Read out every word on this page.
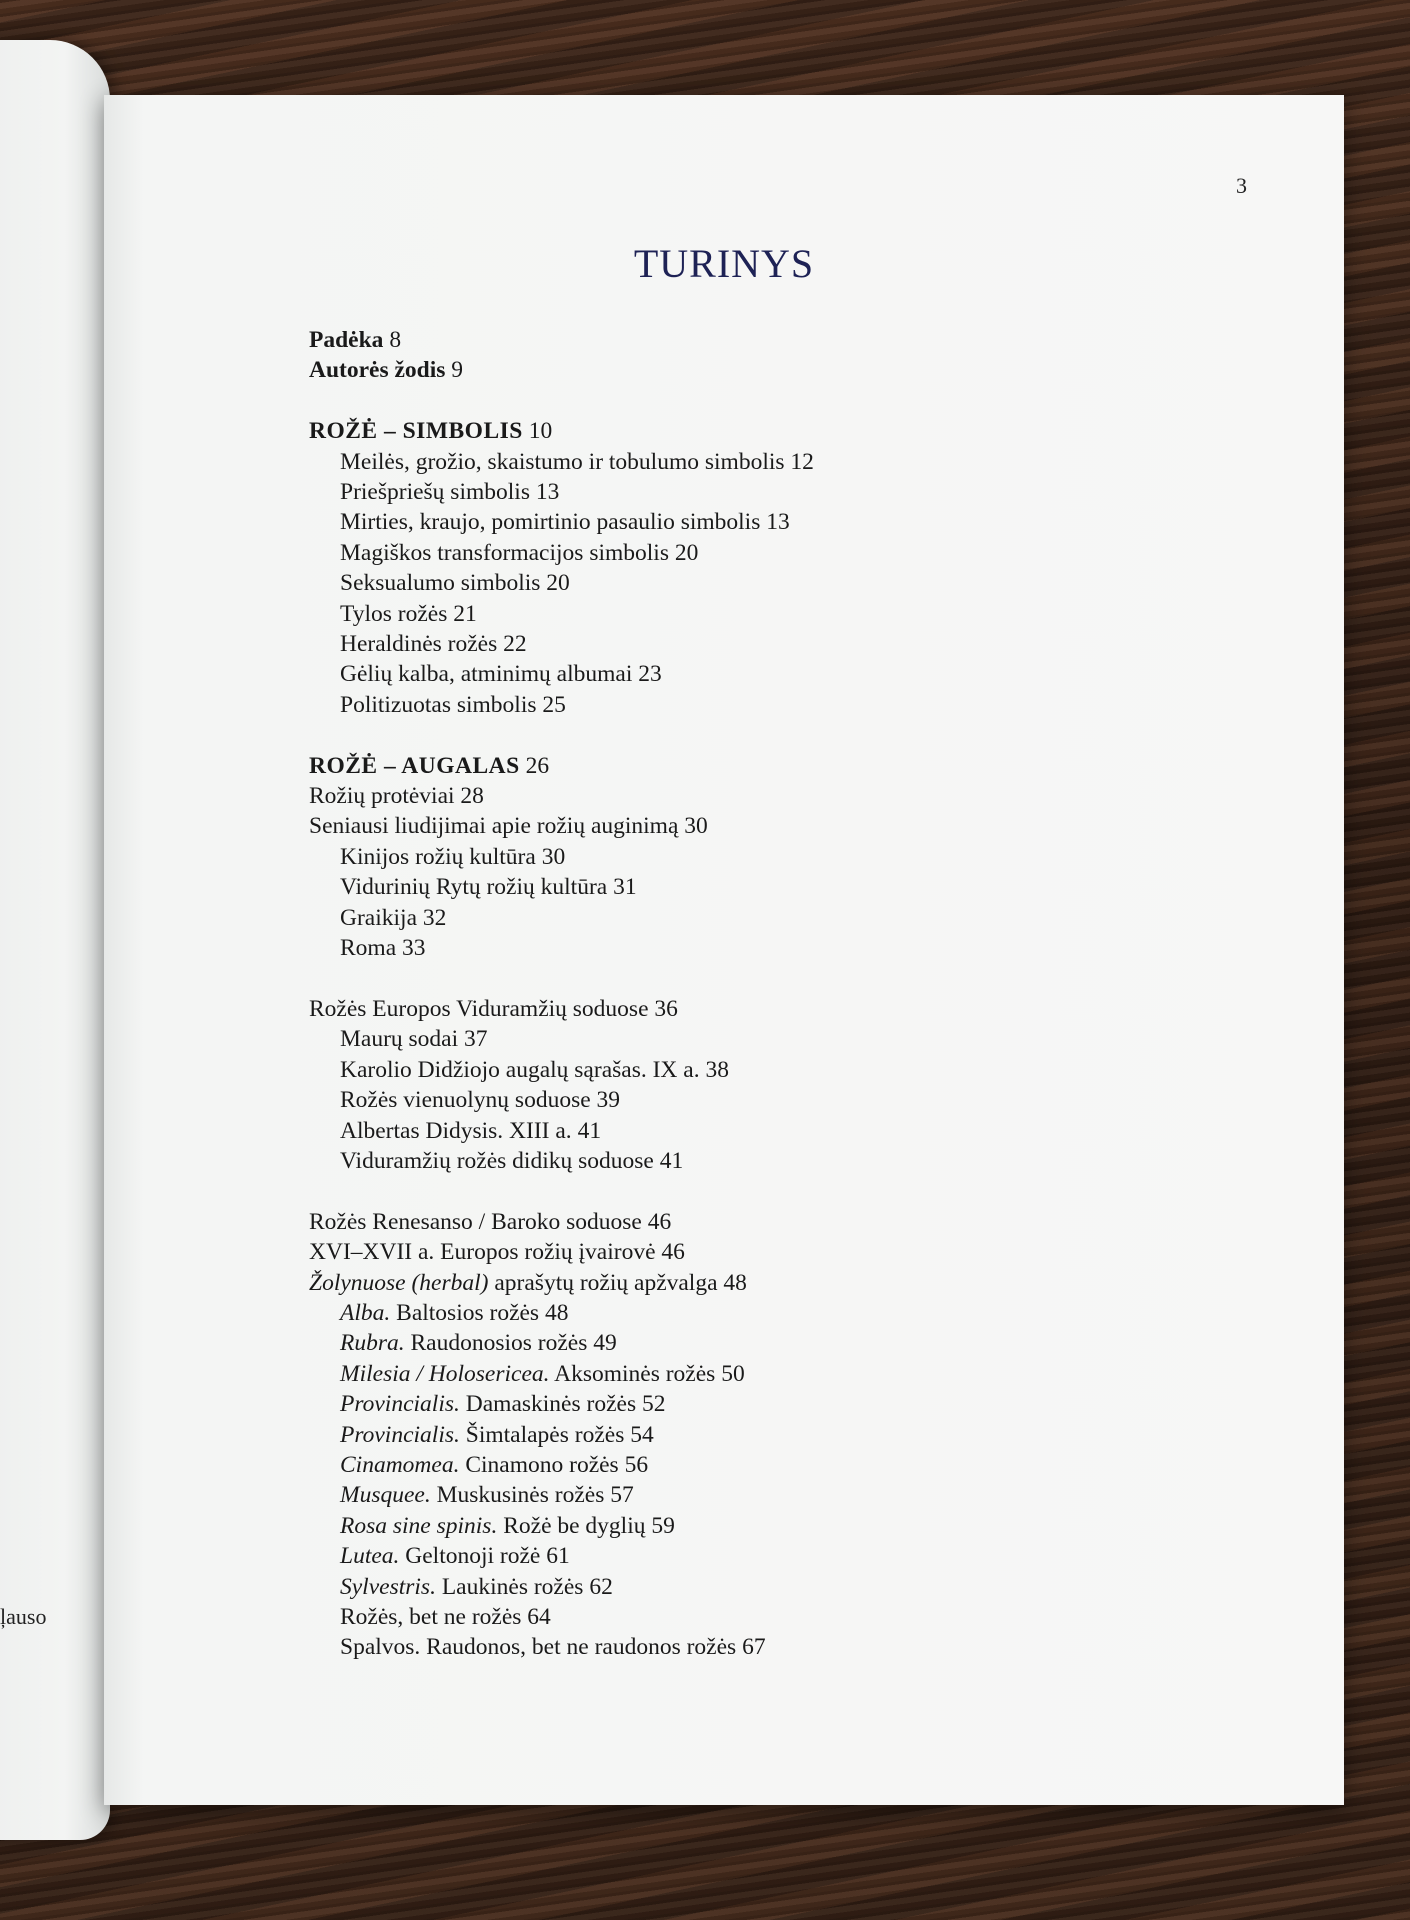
ļauso
3
TURINYS
Padėka 8
Autorės žodis 9
ROŽĖ – SIMBOLIS 10
Meilės, grožio, skaistumo ir tobulumo simbolis 12
Priešpriešų simbolis 13
Mirties, kraujo, pomirtinio pasaulio simbolis 13
Magiškos transformacijos simbolis 20
Seksualumo simbolis 20
Tylos rožės 21
Heraldinės rožės 22
Gėlių kalba, atminimų albumai 23
Politizuotas simbolis 25
ROŽĖ – AUGALAS 26
Rožių protėviai 28
Seniausi liudijimai apie rožių auginimą 30
Kinijos rožių kultūra 30
Vidurinių Rytų rožių kultūra 31
Graikija 32
Roma 33
Rožės Europos Viduramžių soduose 36
Maurų sodai 37
Karolio Didžiojo augalų sąrašas. IX a. 38
Rožės vienuolynų soduose 39
Albertas Didysis. XIII a. 41
Viduramžių rožės didikų soduose 41
Rožės Renesanso / Baroko soduose 46
XVI–XVII a. Europos rožių įvairovė 46
Žolynuose (herbal) aprašytų rožių apžvalga 48
Alba. Baltosios rožės 48
Rubra. Raudonosios rožės 49
Milesia / Holosericea. Aksominės rožės 50
Provincialis. Damaskinės rožės 52
Provincialis. Šimtalapės rožės 54
Cinamomea. Cinamono rožės 56
Musquee. Muskusinės rožės 57
Rosa sine spinis. Rožė be dyglių 59
Lutea. Geltonoji rožė 61
Sylvestris. Laukinės rožės 62
Rožės, bet ne rožės 64
Spalvos. Raudonos, bet ne raudonos rožės 67
